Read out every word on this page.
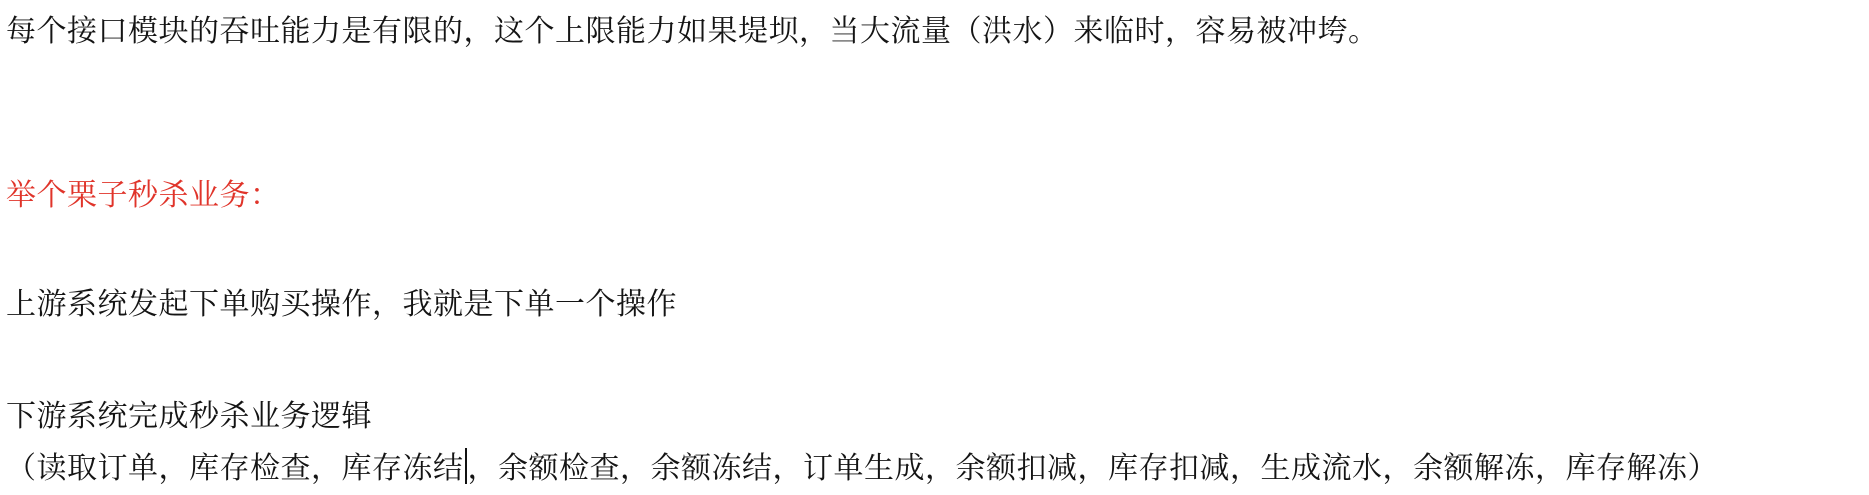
每个接口模块的吞吐能力是有限的，这个上限能力如果堤坝，当大流量（洪水）来临时，容易被冲垮。

举个栗子秒杀业务：

上游系统发起下单购买操作，我就是下单一个操作

下游系统完成秒杀业务逻辑

（读取订单，库存检查，库存冻结 ，余额检查，余额冻结，订单生成，余额扣减，库存扣减，生成流水，余额解冻，库存解冻）
